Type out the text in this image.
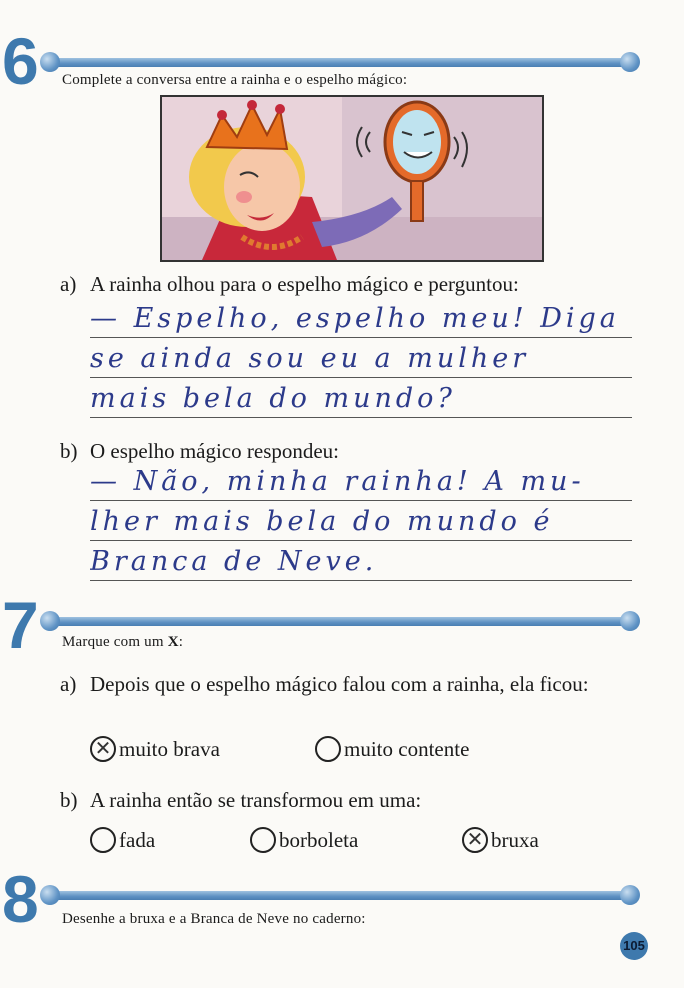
6 Complete a conversa entre a rainha e o espelho mágico:
a) A rainha olhou para o espelho mágico e perguntou:
— Espelho, espelho meu! Diga
se ainda sou eu a mulher
mais bela do mundo?
b) O espelho mágico respondeu:
— Não, minha rainha! A mu-
lher mais bela do mundo é
Branca de Neve.
7 Marque com um X:
a) Depois que o espelho mágico falou com a rainha, ela ficou:
✕ muito brava	muito contente
b) A rainha então se transformou em uma:
fada	borboleta	✕ bruxa
8 Desenhe a bruxa e a Branca de Neve no caderno:
105
